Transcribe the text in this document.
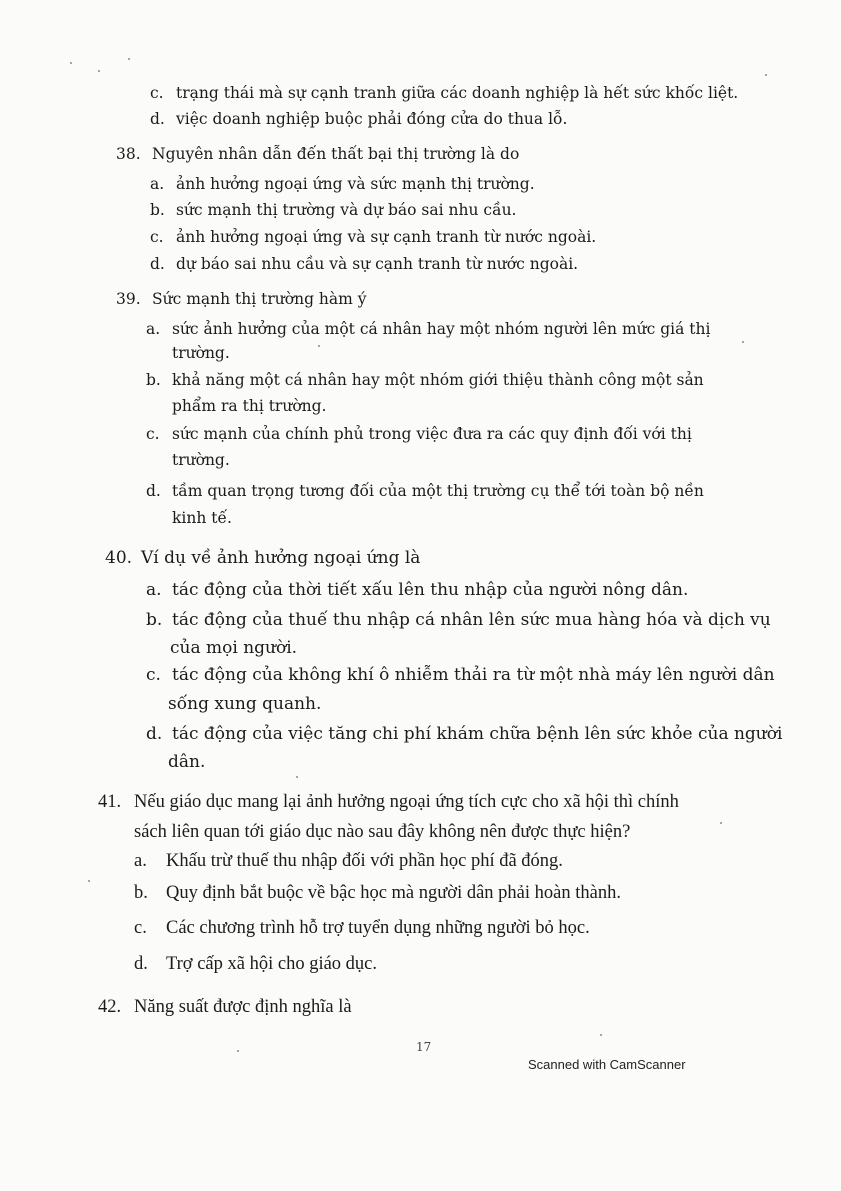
c. trạng thái mà sự cạnh tranh giữa các doanh nghiệp là hết sức khốc liệt.
d. việc doanh nghiệp buộc phải đóng cửa do thua lỗ.
38. Nguyên nhân dẫn đến thất bại thị trường là do
a. ảnh hưởng ngoại ứng và sức mạnh thị trường.
b. sức mạnh thị trường và dự báo sai nhu cầu.
c. ảnh hưởng ngoại ứng và sự cạnh tranh từ nước ngoài.
d. dự báo sai nhu cầu và sự cạnh tranh từ nước ngoài.
39. Sức mạnh thị trường hàm ý
a. sức ảnh hưởng của một cá nhân hay một nhóm người lên mức giá thị
trường.
b. khả năng một cá nhân hay một nhóm giới thiệu thành công một sản
phẩm ra thị trường.
c. sức mạnh của chính phủ trong việc đưa ra các quy định đối với thị
trường.
d. tầm quan trọng tương đối của một thị trường cụ thể tới toàn bộ nền
kinh tế.
40. Ví dụ về ảnh hưởng ngoại ứng là
a. tác động của thời tiết xấu lên thu nhập của người nông dân.
b. tác động của thuế thu nhập cá nhân lên sức mua hàng hóa và dịch vụ
của mọi người.
c. tác động của không khí ô nhiễm thải ra từ một nhà máy lên người dân
sống xung quanh.
d. tác động của việc tăng chi phí khám chữa bệnh lên sức khỏe của người
dân.
41. Nếu giáo dục mang lại ảnh hưởng ngoại ứng tích cực cho xã hội thì chính
sách liên quan tới giáo dục nào sau đây không nên được thực hiện?
a. Khấu trừ thuế thu nhập đối với phần học phí đã đóng.
b. Quy định bắt buộc về bậc học mà người dân phải hoàn thành.
c. Các chương trình hỗ trợ tuyển dụng những người bỏ học.
d. Trợ cấp xã hội cho giáo dục.
42. Năng suất được định nghĩa là
17
Scanned with CamScanner
